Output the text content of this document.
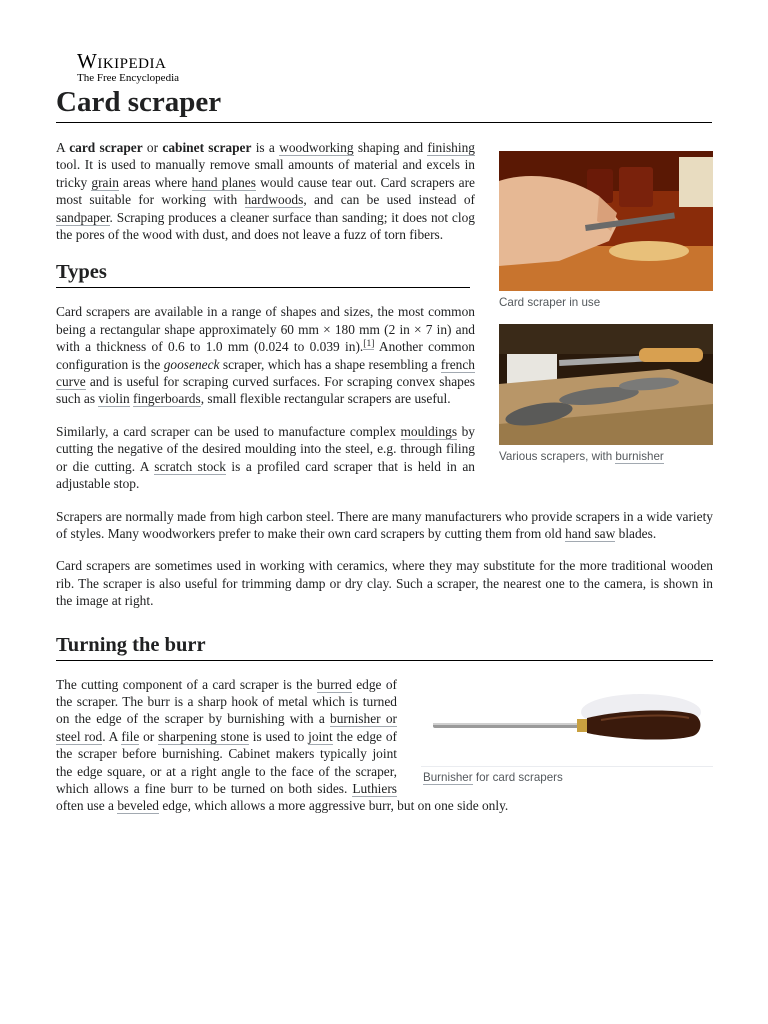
Wikipedia
The Free Encyclopedia
Card scraper
Card scraper in use

A card scraper or cabinet scraper is a woodworking shaping and finishing tool. It is used to manually remove small amounts of material and excels in tricky grain areas where hand planes would cause tear out. Card scrapers are most suitable for working with hardwoods, and can be used instead of sandpaper. Scraping produces a cleaner surface than sanding; it does not clog the pores of the wood with dust, and does not leave a fuzz of torn fibers.

Types
Various scrapers, with burnisher

Card scrapers are available in a range of shapes and sizes, the most common being a rectangular shape approximately 60 mm × 180 mm (2 in × 7 in) and with a thickness of 0.6 to 1.0 mm (0.024 to 0.039 in).[1] Another common configuration is the gooseneck scraper, which has a shape resembling a french curve and is useful for scraping curved surfaces. For scraping convex shapes such as violin fingerboards, small flexible rectangular scrapers are useful.

Similarly, a card scraper can be used to manufacture complex mouldings by cutting the negative of the desired moulding into the steel, e.g. through filing or die cutting. A scratch stock is a profiled card scraper that is held in an adjustable stop.

Scrapers are normally made from high carbon steel. There are many manufacturers who provide scrapers in a wide variety of styles. Many woodworkers prefer to make their own card scrapers by cutting them from old hand saw blades.

Card scrapers are sometimes used in working with ceramics, where they may substitute for the more traditional wooden rib. The scraper is also useful for trimming damp or dry clay. Such a scraper, the nearest one to the camera, is shown in the image at right.

Turning the burr
Burnisher for card scrapers

The cutting component of a card scraper is the burred edge of the scraper. The burr is a sharp hook of metal which is turned on the edge of the scraper by burnishing with a burnisher or steel rod. A file or sharpening stone is used to joint the edge of the scraper before burnishing. Cabinet makers typically joint the edge square, or at a right angle to the face of the scraper, which allows a fine burr to be turned on both sides. Luthiers often use a beveled edge, which allows a more aggressive burr, but on one side only.
